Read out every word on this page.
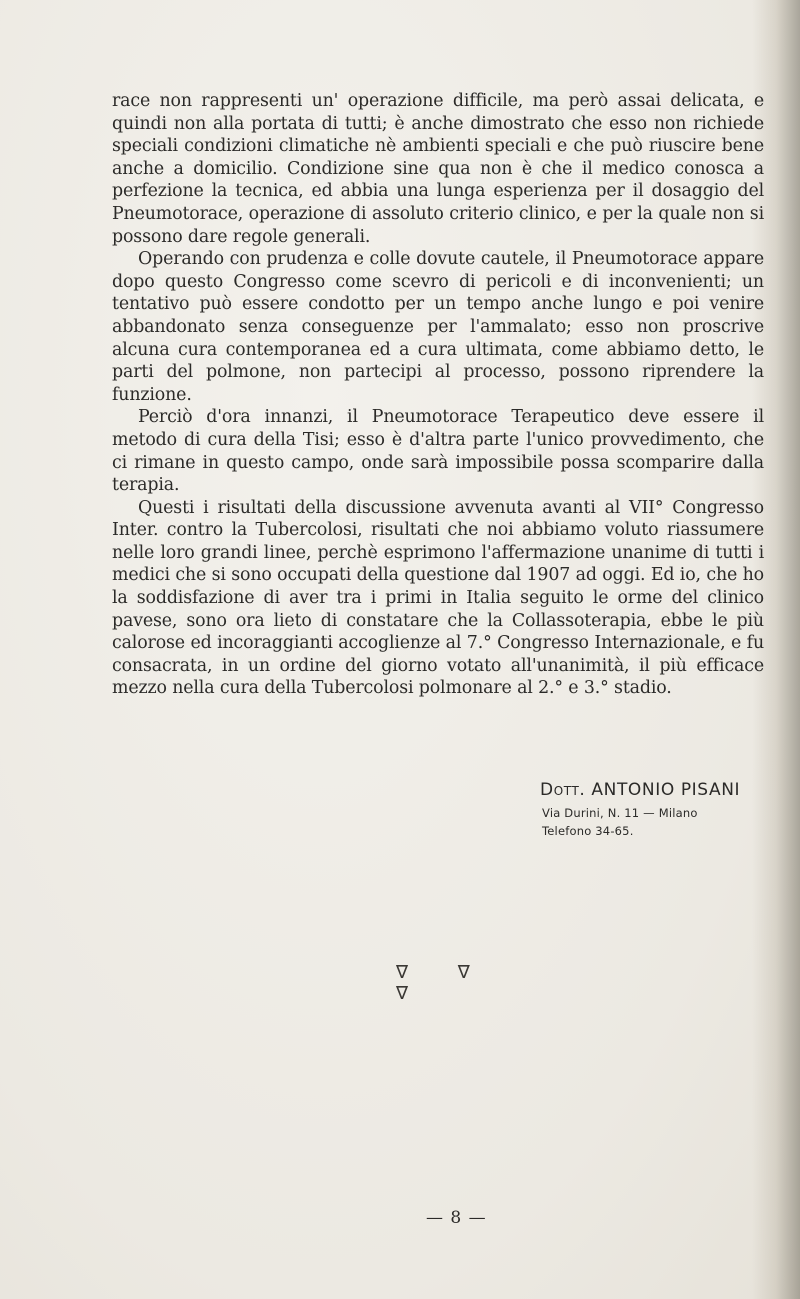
race non rappresenti un' operazione difficile, ma però assai delicata, e quindi non alla portata di tutti; è anche dimostrato che esso non richiede speciali condizioni climatiche nè ambienti speciali e che può riuscire bene anche a domicilio. Condizione sine qua non è che il medico conosca a perfezione la tecnica, ed abbia una lunga esperienza per il dosaggio del Pneumotorace, operazione di assoluto criterio clinico, e per la quale non si possono dare regole generali.

Operando con prudenza e colle dovute cautele, il Pneumotorace appare dopo questo Congresso come scevro di pericoli e di inconvenienti; un tentativo può essere condotto per un tempo anche lungo e poi venire abbandonato senza conseguenze per l'ammalato; esso non proscrive alcuna cura contemporanea ed a cura ultimata, come abbiamo detto, le parti del polmone, non partecipi al processo, possono riprendere la funzione.

Perciò d'ora innanzi, il Pneumotorace Terapeutico deve essere il metodo di cura della Tisi; esso è d'altra parte l'unico provvedimento, che ci rimane in questo campo, onde sarà impossibile possa scomparire dalla terapia.

Questi i risultati della discussione avvenuta avanti al VII° Congresso Inter. contro la Tubercolosi, risultati che noi abbiamo voluto riassumere nelle loro grandi linee, perchè esprimono l'affermazione unanime di tutti i medici che si sono occupati della questione dal 1907 ad oggi. Ed io, che ho la soddisfazione di aver tra i primi in Italia seguito le orme del clinico pavese, sono ora lieto di constatare che la Collassoterapia, ebbe le più calorose ed incoraggianti accoglienze al 7.° Congresso Internazionale, e fu consacrata, in un ordine del giorno votato all'unanimità, il più efficace mezzo nella cura della Tubercolosi polmonare al 2.° e 3.° stadio.

Dott. ANTONIO PISANI

Via Durini, N. 11 — Milano

Telefono 34-65.

∇ ∇ ∇
— 8 —
